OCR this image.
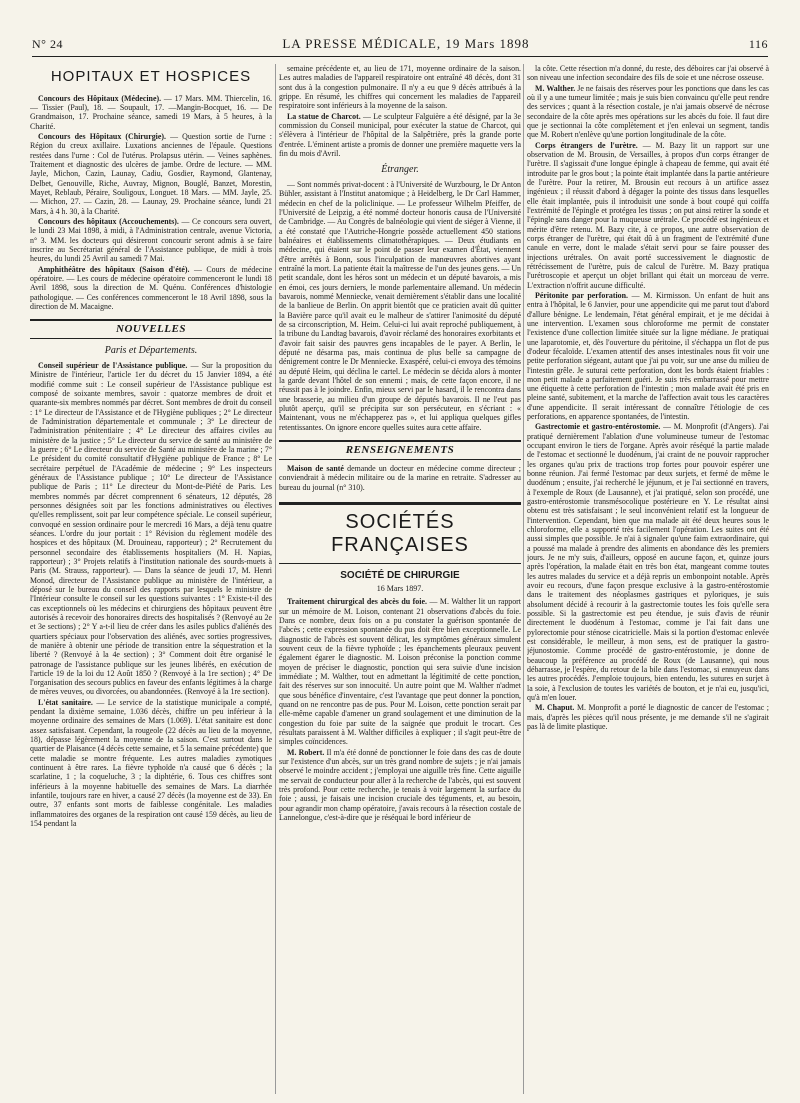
N° 24	LA PRESSE MÉDICALE, 19 Mars 1898	116
HOPITAUX ET HOSPICES

Concours des Hôpitaux (Médecine). — 17 Mars. MM. Thiercelin, 16. — Tissier (Paul), 18. — Soupault, 17. —Mangin-Bocquet, 16. — De Grandmaison, 17. Prochaine séance, samedi 19 Mars, à 5 heures, à la Charité.

Concours des Hôpitaux (Chirurgie). — Question sortie de l'urne : Région du creux axillaire. Luxations anciennes de l'épaule. Questions restées dans l'urne : Col de l'utérus. Prolapsus utérin. — Veines saphènes. Traitement et diagnostic des ulcères de jambe. Ordre de lecture. — MM. Jayle, Michon, Cazin, Launay, Cadiu, Gosdier, Raymond, Glantenay, Delbet, Genouville, Riche, Auvray, Mignon, Bouglé, Banzet, Morestin, Mayet, Reblaub, Péraire, Souligoux, Longuet. 18 Mars. — MM. Jayle, 25. — Michon, 27. — Cazin, 28. — Launay, 29. Prochaine séance, lundi 21 Mars, à 4 h. 30, à la Charité.

Concours des hôpitaux (Accouchements). — Ce concours sera ouvert, le lundi 23 Mai 1898, à midi, à l'Administration centrale, avenue Victoria, n° 3. MM. les docteurs qui désireront concourir seront admis à se faire inscrire au Secrétariat général de l'Assistance publique, de midi à trois heures, du lundi 25 Avril au samedi 7 Mai.

Amphithéâtre des hôpitaux (Saison d'été). — Cours de médecine opératoire. — Les cours de médecine opératoire commenceront le lundi 18 Avril 1898, sous la direction de M. Quénu. Conférences d'histologie pathologique. — Ces conférences commenceront le 18 Avril 1898, sous la direction de M. Macaigne.

NOUVELLES
Paris et Départements.

Conseil supérieur de l'Assistance publique. — Sur la proposition du Ministre de l'intérieur, l'article 1er du décret du 15 Janvier 1894, a été modifié comme suit : Le conseil supérieur de l'Assistance publique est composé de soixante membres, savoir : quatorze membres de droit et quarante-six membres nommés par décret. Sont membres de droit du conseil : 1° Le directeur de l'Assistance et de l'Hygiène publiques ; 2° Le directeur de l'administration départementale et communale ; 3° Le directeur de l'administration pénitentiaire ; 4° Le directeur des affaires civiles au ministère de la justice ; 5° Le directeur du service de santé au ministère de la guerre ; 6° Le directeur du service de Santé au ministère de la marine ; 7° Le président du comité consultatif d'Hygiène publique de France ; 8° Le secrétaire perpétuel de l'Académie de médecine ; 9° Les inspecteurs généraux de l'Assistance publique ; 10° Le directeur de l'Assistance publique de Paris ; 11° Le directeur du Mont-de-Piété de Paris. Les membres nommés par décret comprennent 6 sénateurs, 12 députés, 28 personnes désignées soit par les fonctions administratives ou électives qu'elles remplissent, soit par leur compétence spéciale. Le conseil supérieur, convoqué en session ordinaire pour le mercredi 16 Mars, a déjà tenu quatre séances. L'ordre du jour portait : 1° Révision du règlement modèle des hospices et des hôpitaux (M. Drouineau, rapporteur) ; 2° Recrutement du personnel secondaire des établissements hospitaliers (M. H. Napias, rapporteur) ; 3° Projets relatifs à l'institution nationale des sourds-muets à Paris (M. Strauss, rapporteur). — Dans la séance de jeudi 17, M. Henri Monod, directeur de l'Assistance publique au ministère de l'intérieur, a déposé sur le bureau du conseil des rapports par lesquels le ministre de l'Intérieur consulte le conseil sur les questions suivantes : 1° Existe-t-il des cas exceptionnels où les médecins et chirurgiens des hôpitaux peuvent être autorisés à recevoir des honoraires directs des hospitalisés ? (Renvoyé au 2e et 3e sections) ; 2° Y a-t-il lieu de créer dans les asiles publics d'aliénés des quartiers spéciaux pour l'observation des aliénés, avec sorties progressives, de manière à obtenir une période de transition entre la séquestration et la liberté ? (Renvoyé à la 4e section) ; 3° Comment doit être organisé le patronage de l'assistance publique sur les jeunes libérés, en exécution de l'article 19 de la loi du 12 Août 1850 ? (Renvoyé à la 1re section) ; 4° De l'organisation des secours publics en faveur des enfants légitimes à la charge de mères veuves, ou divorcées, ou abandonnées. (Renvoyé à la 1re section).

L'état sanitaire. — Le service de la statistique municipale a compté, pendant la dixième semaine, 1.036 décès, chiffre un peu inférieur à la moyenne ordinaire des semaines de Mars (1.069). L'état sanitaire est donc assez satisfaisant. Cependant, la rougeole (22 décès au lieu de la moyenne, 18), dépasse légèrement la moyenne de la saison. C'est surtout dans le quartier de Plaisance (4 décès cette semaine, et 5 la semaine précédente) que cette maladie se montre fréquente. Les autres maladies zymotiques continuent à être rares. La fièvre typhoïde n'a causé que 6 décès ; la scarlatine, 1 ; la coqueluche, 3 ; la diphtérie, 6. Tous ces chiffres sont inférieurs à la moyenne habituelle des semaines de Mars. La diarrhée infantile, toujours rare en hiver, a causé 27 décès (la moyenne est de 33). En outre, 37 enfants sont morts de faiblesse congénitale. Les maladies inflammatoires des organes de la respiration ont causé 159 décès, au lieu de 154 pendant la

semaine précédente et, au lieu de 171, moyenne ordinaire de la saison. Les autres maladies de l'appareil respiratoire ont entraîné 48 décès, dont 31 sont dus à la congestion pulmonaire. Il n'y a eu que 9 décès attribués à la grippe. En résumé, les chiffres qui concernent les maladies de l'appareil respiratoire sont inférieurs à la moyenne de la saison.

La statue de Charcot. — Le sculpteur Falguière a été désigné, par la 3e commission du Conseil municipal, pour exécuter la statue de Charcot, qui s'élèvera à l'intérieur de l'hôpital de la Salpêtrière, près la grande porte d'entrée. L'éminent artiste a promis de donner une première maquette vers la fin du mois d'Avril.

Étranger.

— Sont nommés privat-docent : à l'Université de Wurzbourg, le Dr Anton Bühler, assistant à l'Institut anatomique ; à Heidelberg, le Dr Carl Hammer, médecin en chef de la policlinique. — Le professeur Wilhelm Pfeiffer, de l'Université de Leipzig, a été nommé docteur honoris causa de l'Université de Cambridge. — Au Congrès de balnéologie qui vient de siéger à Vienne, il a été constaté que l'Autriche-Hongrie possède actuellement 450 stations balnéaires et établissements climatothérapiques. — Deux étudiants en médecine, qui étaient sur le point de passer leur examen d'État, viennent d'être arrêtés à Bonn, sous l'inculpation de manœuvres abortives ayant entraîné la mort. La patiente était la maîtresse de l'un des jeunes gens. — Un petit scandale, dont les héros sont un médecin et un député bavarois, a mis en émoi, ces jours derniers, le monde parlementaire allemand. Un médecin bavarois, nommé Menniecke, venait dernièrement s'établir dans une localité de la banlieue de Berlin. On apprit bientôt que ce praticien avait dû quitter la Bavière parce qu'il avait eu le malheur de s'attirer l'animosité du député de sa circonscription, M. Heim. Celui-ci lui avait reproché publiquement, à la tribune du Landtag bavarois, d'avoir réclamé des honoraires exorbitants et d'avoir fait saisir des pauvres gens incapables de le payer. A Berlin, le député ne désarma pas, mais continua de plus belle sa campagne de dénigrement contre le Dr Menniecke. Exaspéré, celui-ci envoya des témoins au député Heim, qui déclina le cartel. Le médecin se décida alors à monter la garde devant l'hôtel de son ennemi ; mais, de cette façon encore, il ne réussit pas à le joindre. Enfin, mieux servi par le hasard, il le rencontra dans une brasserie, au milieu d'un groupe de députés bavarois. Il ne l'eut pas plutôt aperçu, qu'il se précipita sur son persécuteur, en s'écriant : « Maintenant, vous ne m'échapperez pas », et lui appliqua quelques gifles retentissantes. On ignore encore quelles suites aura cette affaire.

RENSEIGNEMENTS

Maison de santé demande un docteur en médecine comme directeur ; conviendrait à médecin militaire ou de la marine en retraite. S'adresser au bureau du journal (n° 310).

SOCIÉTÉS FRANÇAISES
SOCIÉTÉ DE CHIRURGIE
16 Mars 1897.

Traitement chirurgical des abcès du foie. — M. Walther lit un rapport sur un mémoire de M. Loison, contenant 21 observations d'abcès du foie. Dans ce nombre, deux fois on a pu constater la guérison spontanée de l'abcès ; cette expression spontanée du pus doit être bien exceptionnelle. Le diagnostic de l'abcès est souvent délicat, les symptômes généraux simulent souvent ceux de la fièvre typhoïde ; les épanchements pleuraux peuvent également égarer le diagnostic. M. Loison préconise la ponction comme moyen de préciser le diagnostic, ponction qui sera suivie d'une incision immédiate ; M. Walther, tout en admettant la légitimité de cette ponction, fait des réserves sur son innocuité. Un autre point que M. Walther n'admet que sous bénéfice d'inventaire, c'est l'avantage que peut donner la ponction, quand on ne rencontre pas de pus. Pour M. Loison, cette ponction serait par elle-même capable d'amener un grand soulagement et une diminution de la congestion du foie par suite de la saignée que produit le trocart. Ces résultats paraissent à M. Walther difficiles à expliquer ; il s'agit peut-être de simples coïncidences.

M. Robert. Il m'a été donné de ponctionner le foie dans des cas de doute sur l'existence d'un abcès, sur un très grand nombre de sujets ; je n'ai jamais observé le moindre accident ; j'employai une aiguille très fine. Cette aiguille me servait de conducteur pour aller à la recherche de l'abcès, qui est souvent très profond. Pour cette recherche, je tenais à voir largement la surface du foie ; aussi, je faisais une incision cruciale des téguments, et, au besoin, pour agrandir mon champ opératoire, j'avais recours à la résection costale de Lannelongue, c'est-à-dire que je réséquai le bord inférieur de

la côte. Cette résection m'a donné, du reste, des déboires car j'ai observé à son niveau une infection secondaire des fils de soie et une nécrose osseuse.

M. Walther. Je ne faisais des réserves pour les ponctions que dans les cas où il y a une tumeur limitée ; mais je suis bien convaincu qu'elle peut rendre des services ; quant à la résection costale, je n'ai jamais observé de nécrose secondaire de la côte après mes opérations sur les abcès du foie. Il faut dire que je sectionnai la côte complètement et j'en enlevai un segment, tandis que M. Robert n'enlève qu'une portion longitudinale de la côte.

Corps étrangers de l'urètre. — M. Bazy lit un rapport sur une observation de M. Brousin, de Versailles, à propos d'un corps étranger de l'urètre. Il s'agissait d'une longue épingle à chapeau de femme, qui avait été introduite par le gros bout ; la pointe était implantée dans la partie antérieure de l'urètre. Pour la retirer, M. Brousin eut recours à un artifice assez ingénieux ; il réussit d'abord à dégager la pointe des tissus dans lesquelles elle était implantée, puis il introduisit une sonde à bout coupé qui coiffa l'extrémité de l'épingle et protégea les tissus ; on put ainsi retirer la sonde et l'épingle sans danger pour la muqueuse urétrale. Ce procédé est ingénieux et mérite d'être retenu. M. Bazy cite, à ce propos, une autre observation de corps étranger de l'urètre, qui était dû à un fragment de l'extrémité d'une canule en verre, dont le malade s'était servi pour se faire pousser des injections urétrales. On avait porté successivement le diagnostic de rétrécissement de l'urètre, puis de calcul de l'urètre. M. Bazy pratiqua l'urétroscopie et aperçut un objet brillant qui était un morceau de verre. L'extraction n'offrit aucune difficulté.

Péritonite par perforation. — M. Kirmisson. Un enfant de huit ans entra à l'hôpital, le 6 Janvier, pour une appendicite qui me parut tout d'abord d'allure bénigne. Le lendemain, l'état général empirait, et je me décidai à une intervention. L'examen sous chloroforme me permit de constater l'existence d'une collection limitée située sur la ligne médiane. Je pratiquai une laparotomie, et, dès l'ouverture du péritoine, il s'échappa un flot de pus d'odeur fécaloïde. L'examen attentif des anses intestinales nous fit voir une petite perforation siégeant, autant que j'ai pu voir, sur une anse du milieu de l'intestin grêle. Je suturai cette perforation, dont les bords étaient friables : mon petit malade a parfaitement guéri. Je suis très embarrassé pour mettre une étiquette à cette perforation de l'intestin ; mon malade avait été pris en pleine santé, subitement, et la marche de l'affection avait tous les caractères d'une appendicite. Il serait intéressant de connaître l'étiologie de ces perforations, en apparence spontanées, de l'intestin.

Gastrectomie et gastro-entérostomie. — M. Monprofit (d'Angers). J'ai pratiqué dernièrement l'ablation d'une volumineuse tumeur de l'estomac occupant environ le tiers de l'organe. Après avoir réséqué la partie malade de l'estomac et sectionné le duodénum, j'ai craint de ne pouvoir rapprocher les organes qu'au prix de tractions trop fortes pour pouvoir espérer une bonne réunion. J'ai fermé l'estomac par deux surjets, et fermé de même le duodénum ; ensuite, j'ai recherché le jéjunum, et je l'ai sectionné en travers, à l'exemple de Roux (de Lausanne), et j'ai pratiqué, selon son procédé, une gastro-entérostomie transmésocolique postérieure en Y. Le résultat ainsi obtenu est très satisfaisant ; le seul inconvénient relatif est la longueur de l'intervention. Cependant, bien que ma malade ait été deux heures sous le chloroforme, elle a supporté très facilement l'opération. Les suites ont été aussi simples que possible. Je n'ai à signaler qu'une faim extraordinaire, qui a poussé ma malade à prendre des aliments en abondance dès les premiers jours. Je ne m'y suis, d'ailleurs, opposé en aucune façon, et, quinze jours après l'opération, la malade était en très bon état, mangeant comme toutes les autres malades du service et a déjà repris un embonpoint notable. Après avoir eu recours, d'une façon presque exclusive à la gastro-entérostomie dans le traitement des néoplasmes gastriques et pyloriques, je suis absolument décidé à recourir à la gastrectomie toutes les fois qu'elle sera possible. Si la gastrectomie est peu étendue, je suis d'avis de réunir directement le duodénum à l'estomac, comme je l'ai fait dans une pylorectomie pour sténose cicatricielle. Mais si la portion d'estomac enlevée est considérable, le meilleur, à mon sens, est de pratiquer la gastro-jéjunostomie. Comme procédé de gastro-entérostomie, je donne de beaucoup la préférence au procédé de Roux (de Lausanne), qui nous débarrasse, je l'espère, du retour de la bile dans l'estomac, si ennuyeux dans les autres procédés. J'emploie toujours, bien entendu, les sutures en surjet à la soie, à l'exclusion de toutes les variétés de bouton, et je n'ai eu, jusqu'ici, qu'à m'en louer.

M. Chaput. M. Monprofit a porté le diagnostic de cancer de l'estomac ; mais, d'après les pièces qu'il nous présente, je me demande s'il ne s'agirait pas là de limite plastique.
